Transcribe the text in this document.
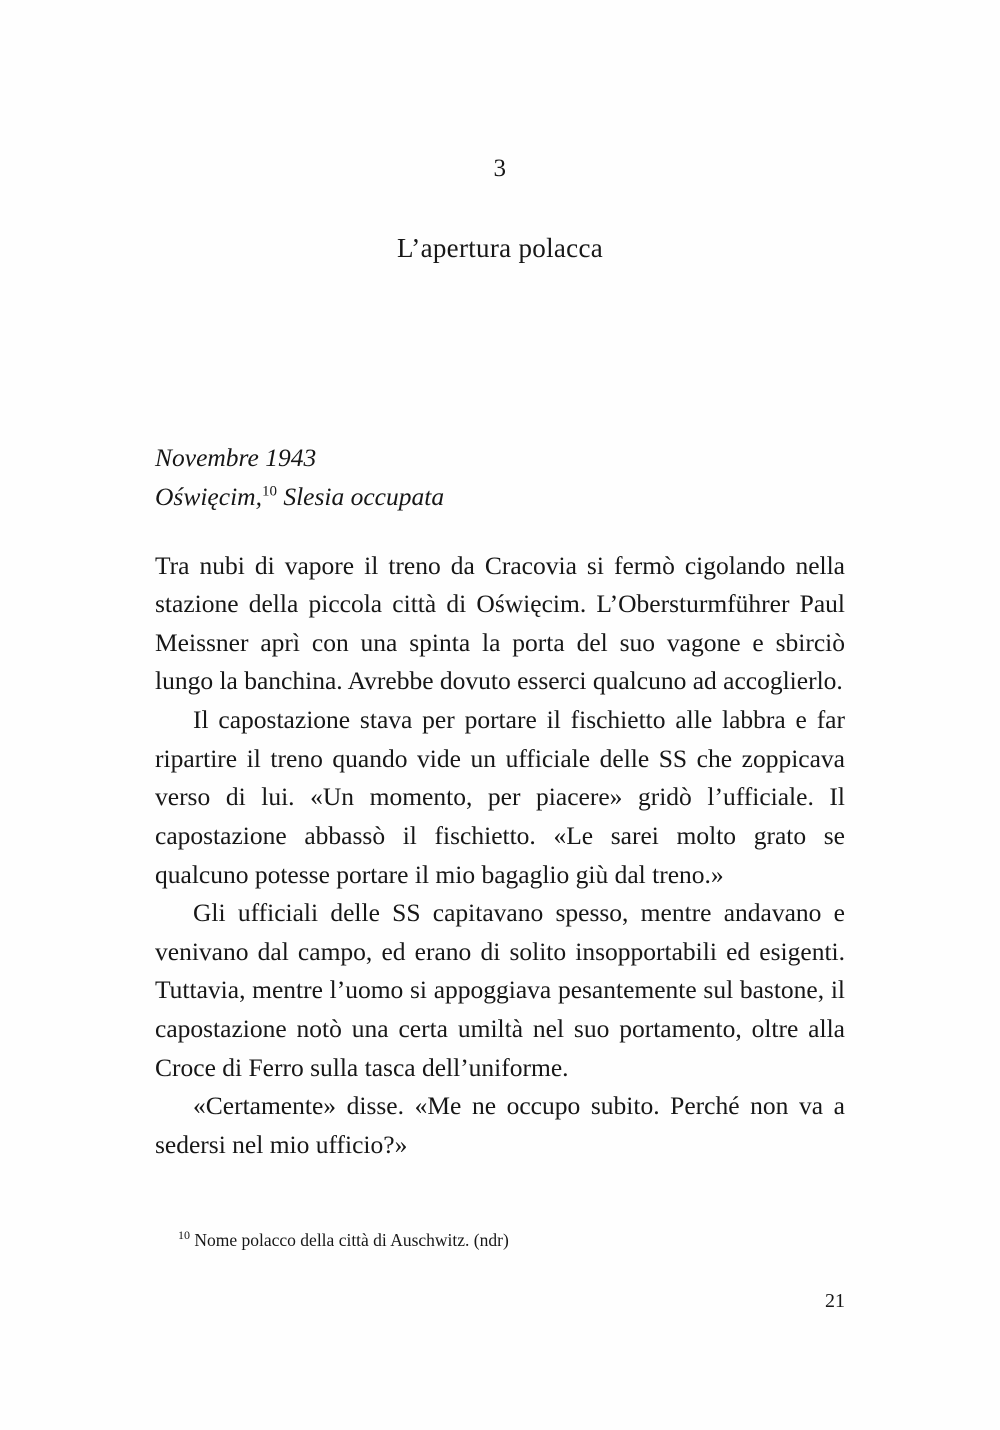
3
L’apertura polacca
Novembre 1943
Oświęcim,$^{10}$ Slesia occupata

Tra nubi di vapore il treno da Cracovia si fermò cigolando nella stazione della piccola città di Oświęcim. L’Obersturmführer Paul Meissner aprì con una spinta la porta del suo vagone e sbirciò lungo la banchina. Avrebbe dovuto esserci qualcuno ad accoglierlo.

Il capostazione stava per portare il fischietto alle labbra e far ripartire il treno quando vide un ufficiale delle SS che zoppicava verso di lui. «Un momento, per piacere» gridò l’ufficiale. Il capostazione abbassò il fischietto. «Le sarei molto grato se qualcuno potesse portare il mio bagaglio giù dal treno.»

Gli ufficiali delle SS capitavano spesso, mentre andavano e venivano dal campo, ed erano di solito insopportabili ed esigenti. Tuttavia, mentre l’uomo si appoggiava pesantemente sul bastone, il capostazione notò una certa umiltà nel suo portamento, oltre alla Croce di Ferro sulla tasca dell’uniforme.

«Certamente» disse. «Me ne occupo subito. Perché non va a sedersi nel mio ufficio?»

$^{10}$ Nome polacco della città di Auschwitz. (ndr)
21
